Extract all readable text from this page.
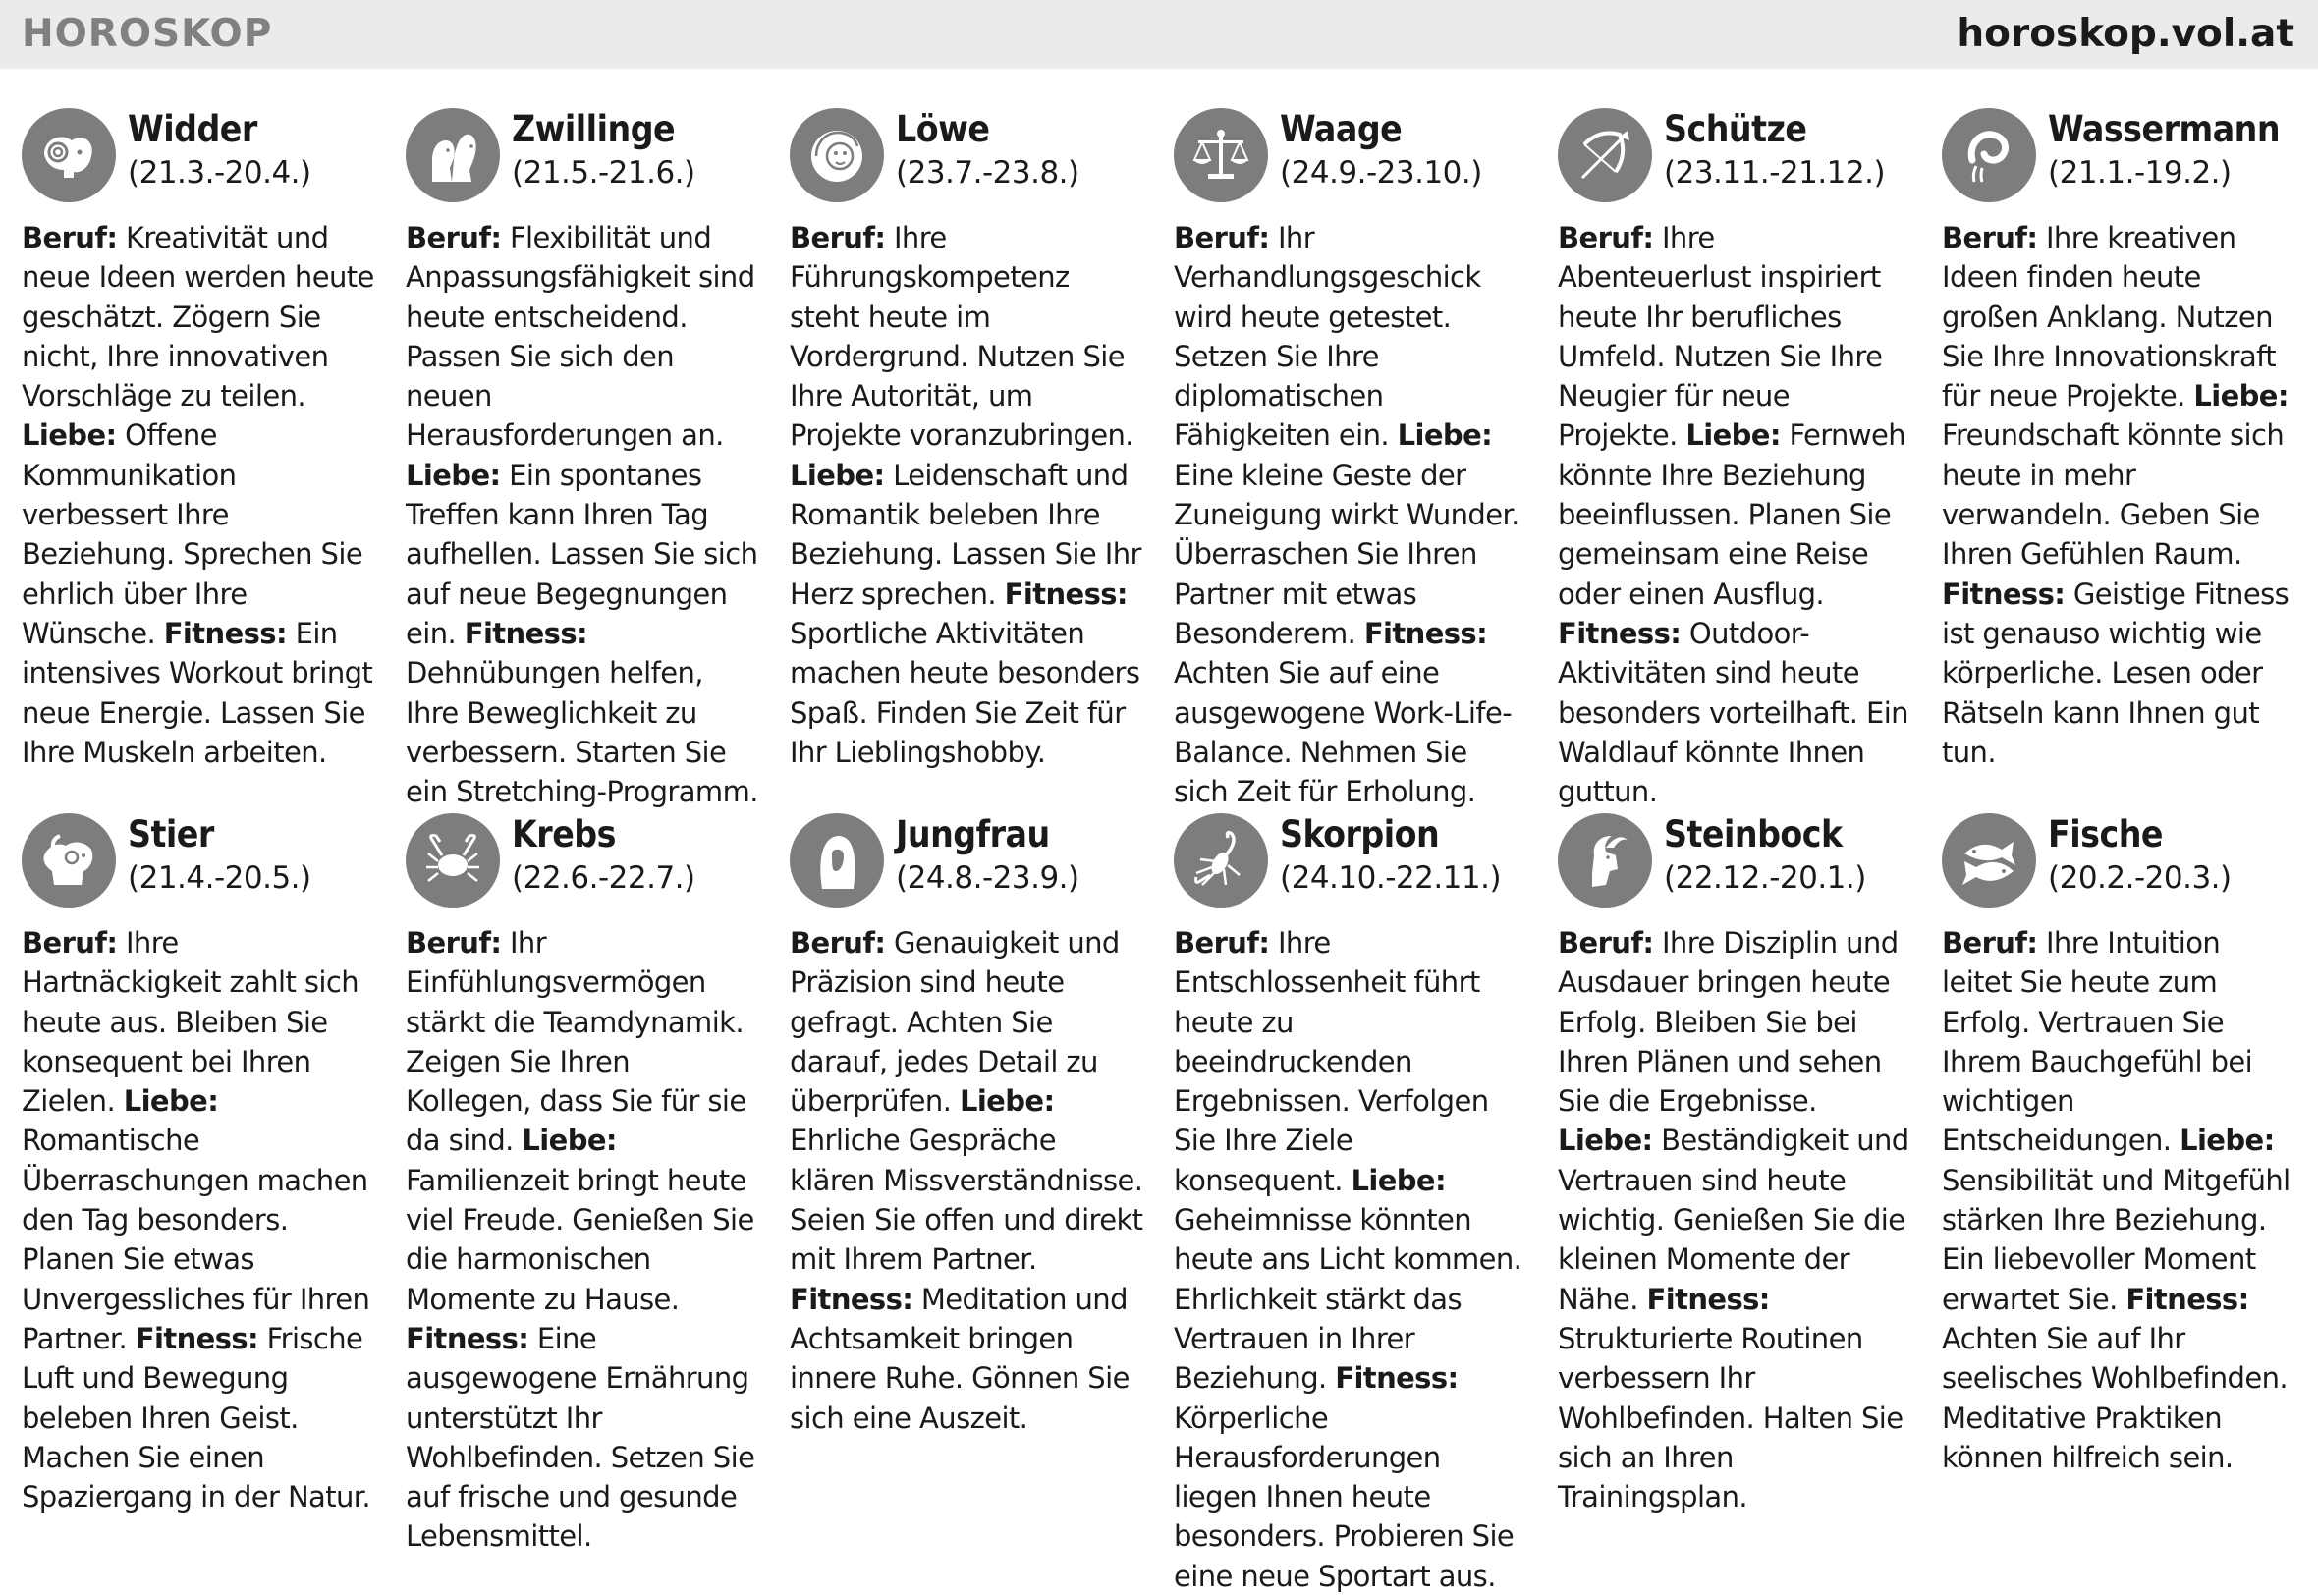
HOROSKOP	horoskop.vol.at
Widder
(21.3.-20.4.)
Beruf: Kreativität und neue Ideen werden heute geschätzt. Zögern Sie nicht, Ihre innovativen Vorschläge zu teilen. Liebe: Offene Kommunikation verbessert Ihre Beziehung. Sprechen Sie ehrlich über Ihre Wünsche. Fitness: Ein intensives Workout bringt neue Energie. Lassen Sie Ihre Muskeln arbeiten.
Zwillinge
(21.5.-21.6.)
Beruf: Flexibilität und Anpassungsfähigkeit sind heute entscheidend. Passen Sie sich den neuen Herausforderungen an. Liebe: Ein spontanes Treffen kann Ihren Tag aufhellen. Lassen Sie sich auf neue Begegnungen ein. Fitness: Dehnübungen helfen, Ihre Beweglichkeit zu verbessern. Starten Sie ein Stretching-Programm.
Löwe
(23.7.-23.8.)
Beruf: Ihre Führungskompetenz steht heute im Vordergrund. Nutzen Sie Ihre Autorität, um Projekte voranzubringen. Liebe: Leidenschaft und Romantik beleben Ihre Beziehung. Lassen Sie Ihr Herz sprechen. Fitness: Sportliche Aktivitäten machen heute besonders Spaß. Finden Sie Zeit für Ihr Lieblingshobby.
Waage
(24.9.-23.10.)
Beruf: Ihr Verhandlungsgeschick wird heute getestet. Setzen Sie Ihre diplomatischen Fähigkeiten ein. Liebe: Eine kleine Geste der Zuneigung wirkt Wunder. Überraschen Sie Ihren Partner mit etwas Besonderem. Fitness: Achten Sie auf eine ausgewogene Work-Life-Balance. Nehmen Sie sich Zeit für Erholung.
Schütze
(23.11.-21.12.)
Beruf: Ihre Abenteuerlust inspiriert heute Ihr berufliches Umfeld. Nutzen Sie Ihre Neugier für neue Projekte. Liebe: Fernweh könnte Ihre Beziehung beeinflussen. Planen Sie gemeinsam eine Reise oder einen Ausflug. Fitness: Outdoor-Aktivitäten sind heute besonders vorteilhaft. Ein Waldlauf könnte Ihnen guttun.
Wassermann
(21.1.-19.2.)
Beruf: Ihre kreativen Ideen finden heute großen Anklang. Nutzen Sie Ihre Innovationskraft für neue Projekte. Liebe: Freundschaft könnte sich heute in mehr verwandeln. Geben Sie Ihren Gefühlen Raum. Fitness: Geistige Fitness ist genauso wichtig wie körperliche. Lesen oder Rätseln kann Ihnen gut tun.
Stier
(21.4.-20.5.)
Beruf: Ihre Hartnäckigkeit zahlt sich heute aus. Bleiben Sie konsequent bei Ihren Zielen. Liebe: Romantische Überraschungen machen den Tag besonders. Planen Sie etwas Unvergessliches für Ihren Partner. Fitness: Frische Luft und Bewegung beleben Ihren Geist. Machen Sie einen Spaziergang in der Natur.
Krebs
(22.6.-22.7.)
Beruf: Ihr Einfühlungsvermögen stärkt die Teamdynamik. Zeigen Sie Ihren Kollegen, dass Sie für sie da sind. Liebe: Familienzeit bringt heute viel Freude. Genießen Sie die harmonischen Momente zu Hause. Fitness: Eine ausgewogene Ernährung unterstützt Ihr Wohlbefinden. Setzen Sie auf frische und gesunde Lebensmittel.
Jungfrau
(24.8.-23.9.)
Beruf: Genauigkeit und Präzision sind heute gefragt. Achten Sie darauf, jedes Detail zu überprüfen. Liebe: Ehrliche Gespräche klären Missverständnisse. Seien Sie offen und direkt mit Ihrem Partner. Fitness: Meditation und Achtsamkeit bringen innere Ruhe. Gönnen Sie sich eine Auszeit.
Skorpion
(24.10.-22.11.)
Beruf: Ihre Entschlossenheit führt heute zu beeindruckenden Ergebnissen. Verfolgen Sie Ihre Ziele konsequent. Liebe: Geheimnisse könnten heute ans Licht kommen. Ehrlichkeit stärkt das Vertrauen in Ihrer Beziehung. Fitness: Körperliche Herausforderungen liegen Ihnen heute besonders. Probieren Sie eine neue Sportart aus.
Steinbock
(22.12.-20.1.)
Beruf: Ihre Disziplin und Ausdauer bringen heute Erfolg. Bleiben Sie bei Ihren Plänen und sehen Sie die Ergebnisse. Liebe: Beständigkeit und Vertrauen sind heute wichtig. Genießen Sie die kleinen Momente der Nähe. Fitness: Strukturierte Routinen verbessern Ihr Wohlbefinden. Halten Sie sich an Ihren Trainingsplan.
Fische
(20.2.-20.3.)
Beruf: Ihre Intuition leitet Sie heute zum Erfolg. Vertrauen Sie Ihrem Bauchgefühl bei wichtigen Entscheidungen. Liebe: Sensibilität und Mitgefühl stärken Ihre Beziehung. Ein liebevoller Moment erwartet Sie. Fitness: Achten Sie auf Ihr seelisches Wohlbefinden. Meditative Praktiken können hilfreich sein.
